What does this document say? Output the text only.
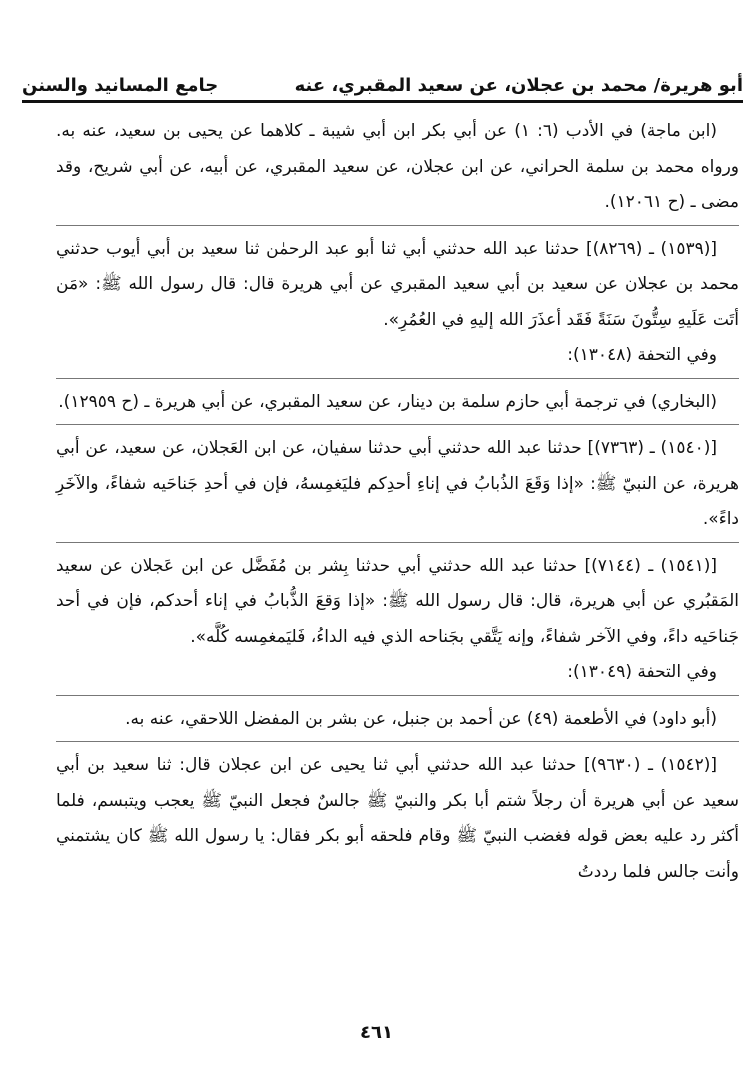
أبو هريرة/ محمد بن عجلان، عن سعيد المقبري، عنه
جامع المسانيد والسنن

(ابن ماجة) في الأدب (٦: ١) عن أبي بكر ابن أبي شيبة ـ كلاهما عن يحيى بن سعيد، عنه به. ورواه محمد بن سلمة الحراني، عن ابن عجلان، عن سعيد المقبري، عن أبيه، عن أبي شريح، وقد مضى ـ (ح ١٢٠٦١).

[(١٥٣٩) ـ (٨٢٦٩)] حدثنا عبد الله حدثني أبي ثنا أبو عبد الرحمٰن ثنا سعيد بن أبي أيوب حدثني محمد بن عجلان عن سعيد بن أبي سعيد المقبري عن أبي هريرة قال: قال رسول الله ﷺ: «مَن أتَت عَلَيهِ سِتُّونَ سَنَةً فَقَد أعذَرَ الله إليهِ في العُمُرِ».

وفي التحفة (١٣٠٤٨):

(البخاري) في ترجمة أبي حازم سلمة بن دينار، عن سعيد المقبري، عن أبي هريرة ـ (ح ١٢٩٥٩).

[(١٥٤٠) ـ (٧٣٦٣)] حدثنا عبد الله حدثني أبي حدثنا سفيان، عن ابن العَجلان، عن سعيد، عن أبي هريرة، عن النبيّ ﷺ: «إذا وَقَعَ الذُبابُ في إناءِ أحدِكم فليَغمِسهُ، فإن في أحدِ جَناحَيه شفاءً، والآخَرِ داءً».

[(١٥٤١) ـ (٧١٤٤)] حدثنا عبد الله حدثني أبي حدثنا بِشر بن مُفَضَّل عن ابن عَجلان عن سعيد المَقبُري عن أبي هريرة، قال: قال رسول الله ﷺ: «إذا وَقعَ الذُّبابُ في إناء أحدكم، فإن في أحد جَناحَيه داءً، وفي الآخر شفاءً، وإنه يَتَّقي بجَناحه الذي فيه الداءُ، فَليَمغمِسه كُلَّه».

وفي التحفة (١٣٠٤٩):

(أبو داود) في الأطعمة (٤٩) عن أحمد بن جنبل، عن بشر بن المفضل اللاحقي، عنه به.

[(١٥٤٢) ـ (٩٦٣٠)] حدثنا عبد الله حدثني أبي ثنا يحيى عن ابن عجلان قال: ثنا سعيد بن أبي سعيد عن أبي هريرة أن رجلاً شتم أبا بكر والنبيّ ﷺ جالسٌ فجعل النبيّ ﷺ يعجب ويتبسم، فلما أكثر رد عليه بعض قوله فغضب النبيّ ﷺ وقام فلحقه أبو بكر فقال: يا رسول الله ﷺ كان يشتمني وأنت جالس فلما رددتُ

٤٦١
